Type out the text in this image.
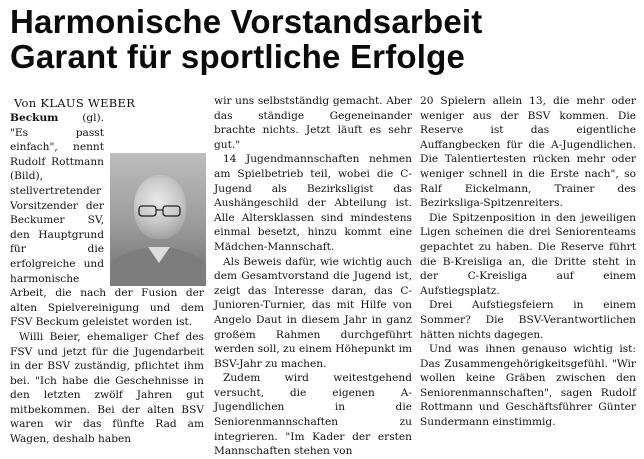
Harmonische Vorstandsarbeit
Garant für sportliche Erfolge
Von KLAUS WEBER

Beckum (gl). "Es passt einfach", nennt Rudolf Rottmann (Bild), stellvertretender Vorsitzender der Beckumer SV, den Hauptgrund für die erfolgreiche und harmonische Arbeit, die nach der Fusion der alten Spielvereinigung und dem FSV Beckum geleistet worden ist.

Willi Beier, ehemaliger Chef des FSV und jetzt für die Jugendarbeit in der BSV zuständig, pflichtet ihm bei. "Ich habe die Geschehnisse in den letzten zwölf Jahren gut mitbekommen. Bei der alten BSV waren wir das fünfte Rad am Wagen, deshalb haben

wir uns selbstständig gemacht. Aber das ständige Gegeneinander brachte nichts. Jetzt läuft es sehr gut."

14 Jugendmannschaften nehmen am Spielbetrieb teil, wobei die C-Jugend als Bezirksligist das Aushängeschild der Abteilung ist. Alle Altersklassen sind mindestens einmal besetzt, hinzu kommt eine Mädchen-Mannschaft.

Als Beweis dafür, wie wichtig auch dem Gesamtvorstand die Jugend ist, zeigt das Interesse daran, das C-Junioren-Turnier, das mit Hilfe von Angelo Daut in diesem Jahr in ganz großem Rahmen durchgeführt werden soll, zu einem Höhepunkt im BSV-Jahr zu machen.

Zudem wird weitestgehend versucht, die eigenen A-Jugendlichen in die Seniorenmannschaften zu integrieren. "Im Kader der ersten Mannschaften stehen von

20 Spielern allein 13, die mehr oder weniger aus der BSV kommen. Die Reserve ist das eigentliche Auffangbecken für die A-Jugendlichen. Die Talentiertesten rücken mehr oder weniger schnell in die Erste nach", so Ralf Eickelmann, Trainer des Bezirksliga-Spitzenreiters.

Die Spitzenposition in den jeweiligen Ligen scheinen die drei Seniorenteams gepachtet zu haben. Die Reserve führt die B-Kreisliga an, die Dritte steht in der C-Kreisliga auf einem Aufstiegsplatz.

Drei Aufstiegsfeiern in einem Sommer? Die BSV-Verantwortlichen hätten nichts dagegen.

Und was ihnen genauso wichtig ist: Das Zusammengehörigkeitsgefühl. "Wir wollen keine Gräben zwischen den Seniorenmannschaften", sagen Rudolf Rottmann und Geschäftsführer Günter Sundermann einstimmig.
